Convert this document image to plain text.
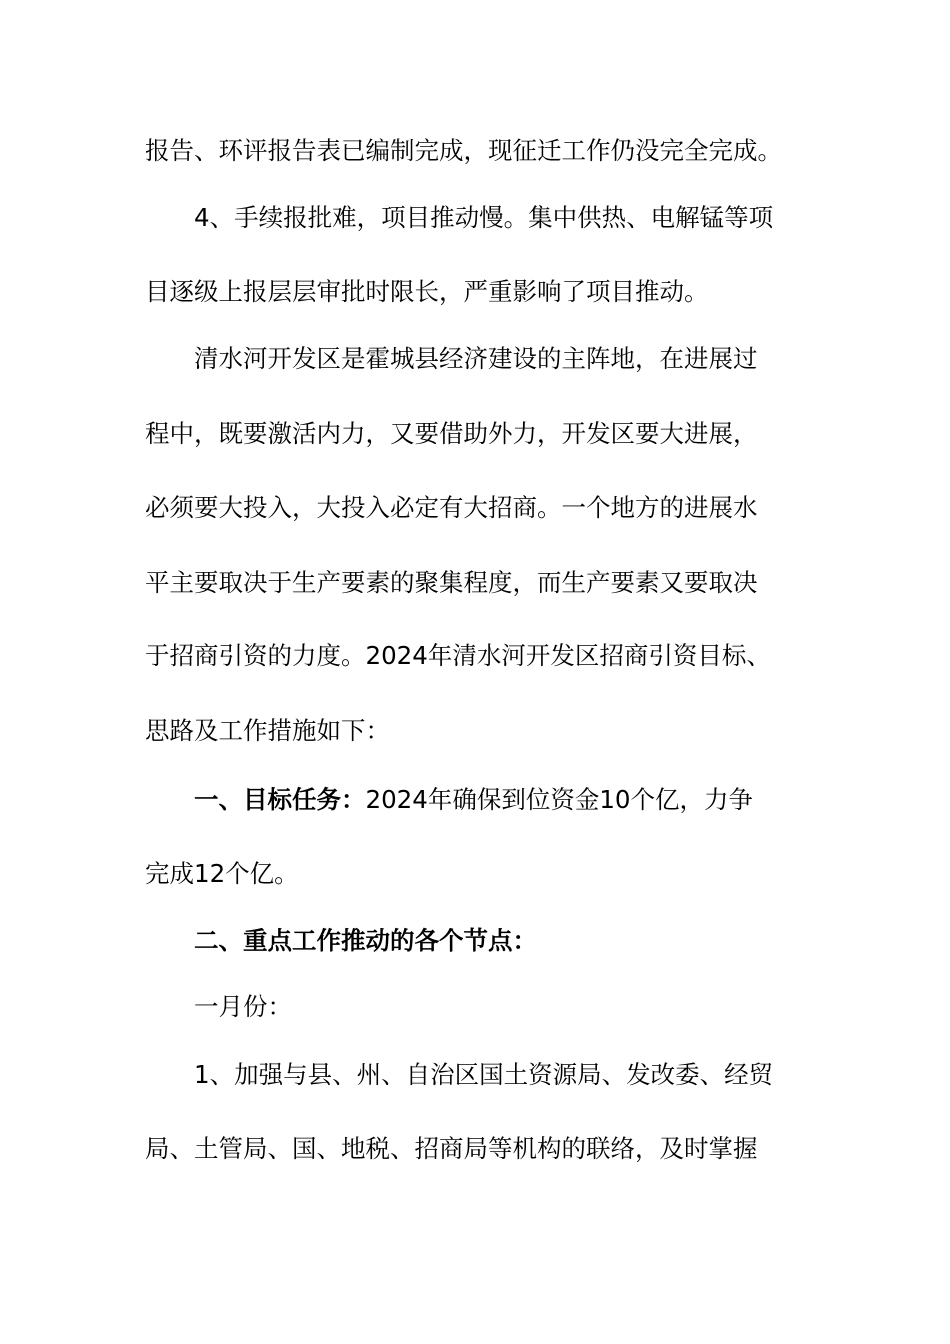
报告、环评报告表已编制完成，现征迁工作仍没完全完成。

4、手续报批难，项目推动慢。集中供热、电解锰等项

目逐级上报层层审批时限长，严重影响了项目推动。

清水河开发区是霍城县经济建设的主阵地，在进展过

程中，既要激活内力，又要借助外力，开发区要大进展，

必须要大投入，大投入必定有大招商。一个地方的进展水

平主要取决于生产要素的聚集程度，而生产要素又要取决

于招商引资的力度。2024年清水河开发区招商引资目标、

思路及工作措施如下：

一、目标任务：2024年确保到位资金10个亿，力争

完成12个亿。

二、重点工作推动的各个节点：

一月份：

1、加强与县、州、自治区国土资源局、发改委、经贸

局、土管局、国、地税、招商局等机构的联络，及时掌握
